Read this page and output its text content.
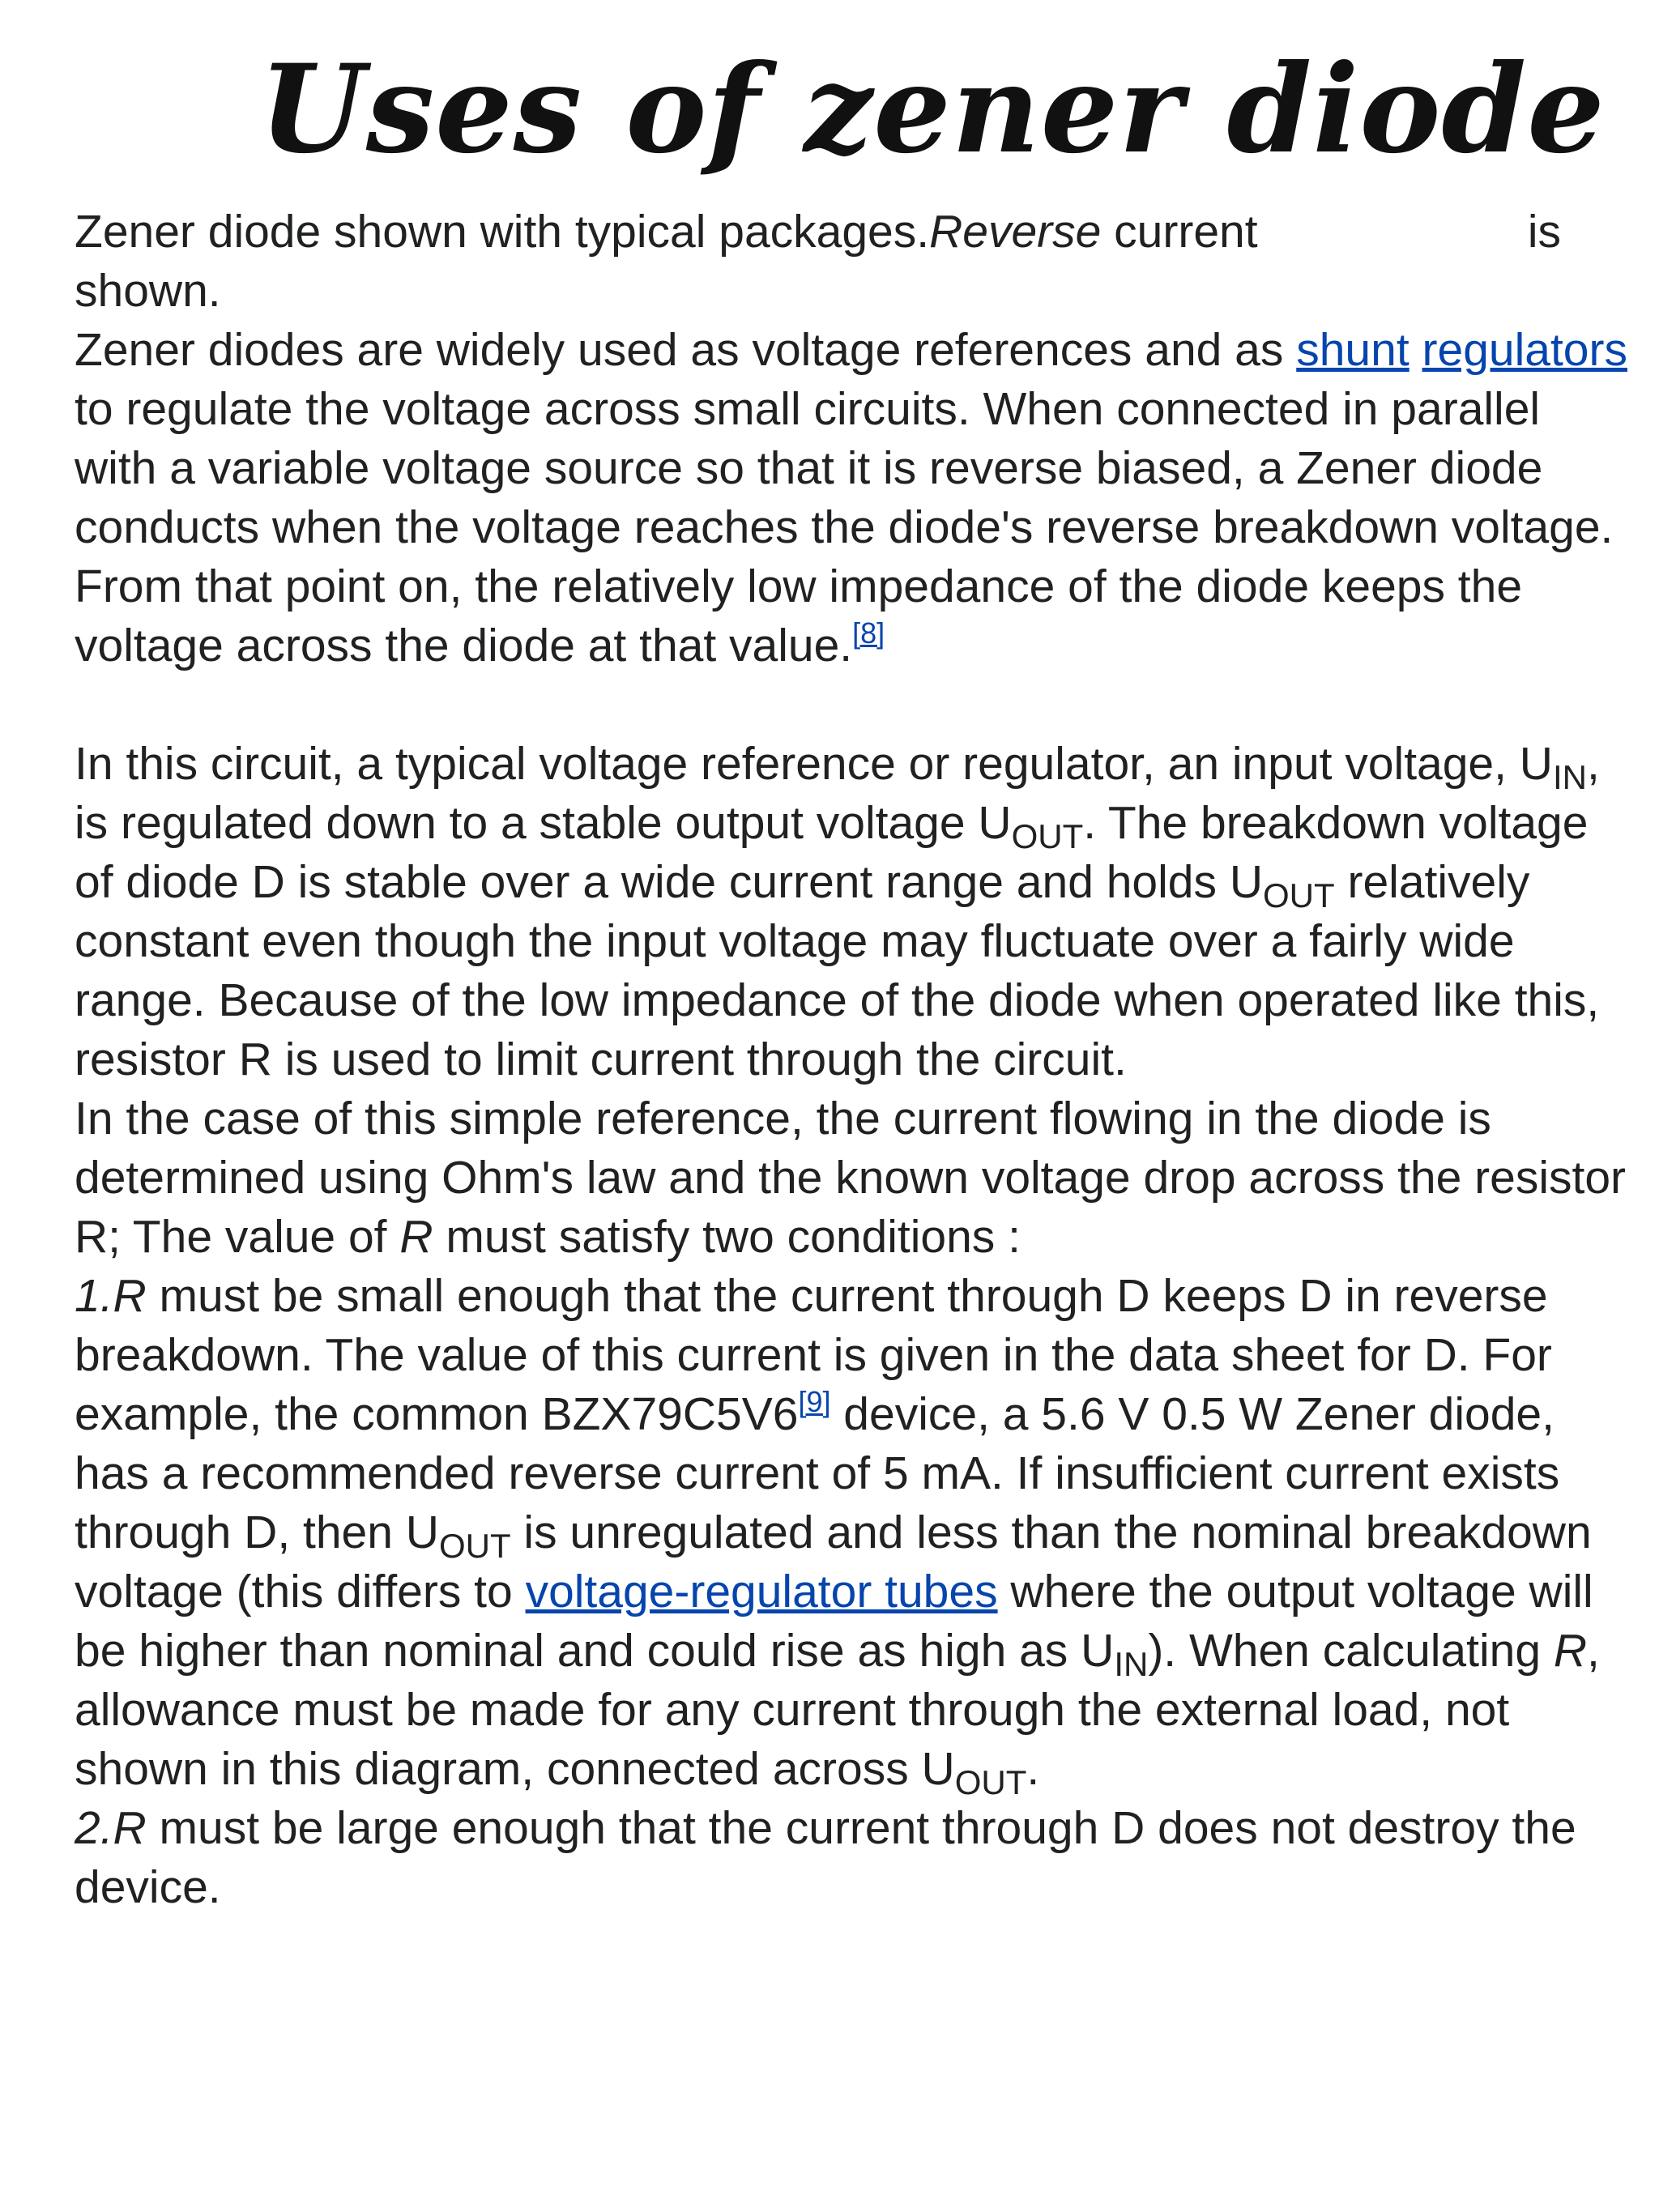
Uses of zener diode
Zener diode shown with typical packages.Reverse current	is

shown.

Zener diodes are widely used as voltage references and as shunt regulators to regulate the voltage across small circuits. When connected in parallel with a variable voltage source so that it is reverse biased, a Zener diode conducts when the voltage reaches the diode's reverse breakdown voltage. From that point on, the relatively low impedance of the diode keeps the voltage across the diode at that value.[8]

In this circuit, a typical voltage reference or regulator, an input voltage, $U_{IN}$, is regulated down to a stable output voltage $U_{OUT}$. The breakdown voltage of diode D is stable over a wide current range and holds $U_{OUT}$ relatively constant even though the input voltage may fluctuate over a fairly wide range. Because of the low impedance of the diode when operated like this, resistor R is used to limit current through the circuit.

In the case of this simple reference, the current flowing in the diode is determined using Ohm's law and the known voltage drop across the resistor R; The value of R must satisfy two conditions :

1.R must be small enough that the current through D keeps D in reverse breakdown. The value of this current is given in the data sheet for D. For example, the common BZX79C5V6[9] device, a 5.6 V 0.5 W Zener diode, has a recommended reverse current of 5 mA. If insufficient current exists through D, then $U_{OUT}$ is unregulated and less than the nominal breakdown voltage (this differs to voltage-regulator tubes where the output voltage will be higher than nominal and could rise as high as $U_{IN}$). When calculating R, allowance must be made for any current through the external load, not shown in this diagram, connected across $U_{OUT}$.

2.R must be large enough that the current through D does not destroy the device.
